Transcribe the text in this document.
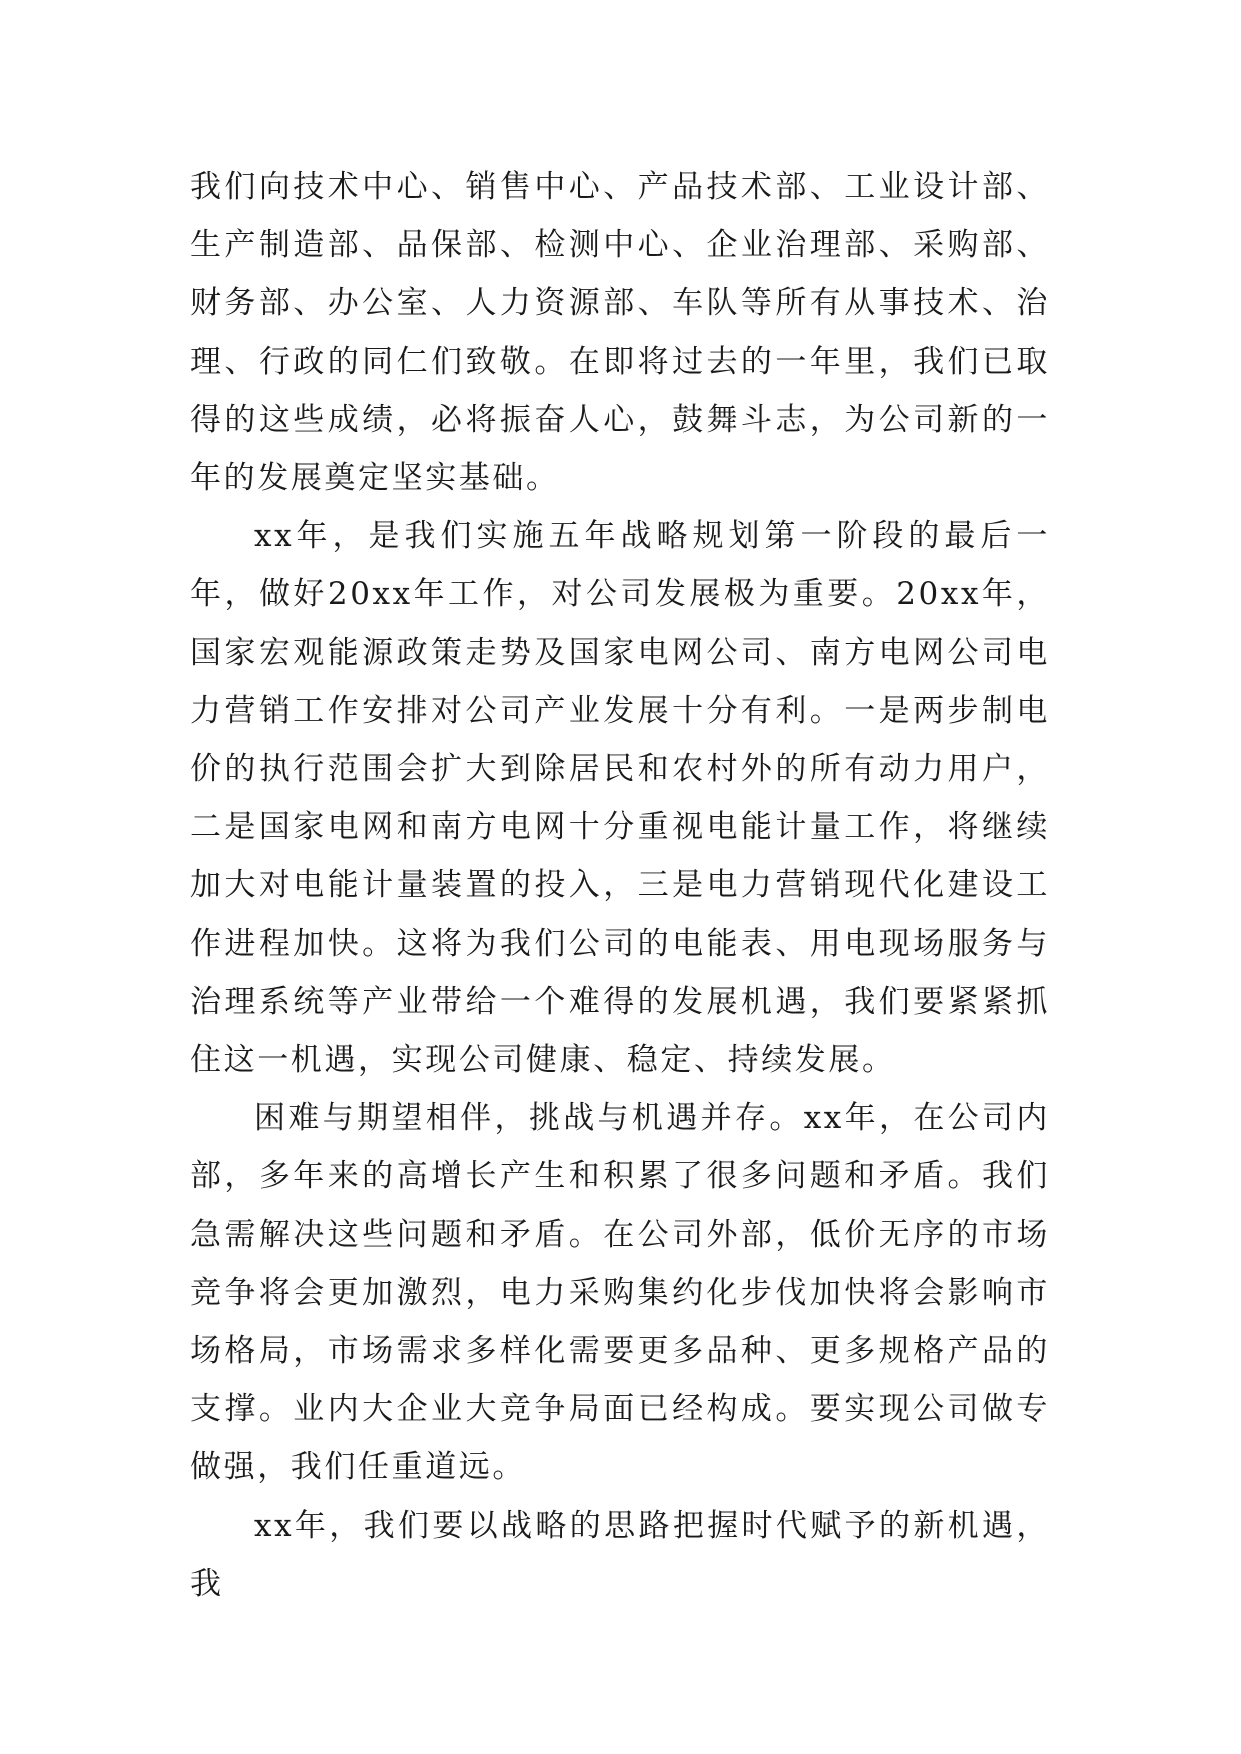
我们向技术中心、销售中心、产品技术部、工业设计部、生产制造部、品保部、检测中心、企业治理部、采购部、财务部、办公室、人力资源部、车队等所有从事技术、治理、行政的同仁们致敬。在即将过去的一年里，我们已取得的这些成绩，必将振奋人心，鼓舞斗志，为公司新的一年的发展奠定坚实基础。

xx年，是我们实施五年战略规划第一阶段的最后一年，做好20xx年工作，对公司发展极为重要。20xx年，国家宏观能源政策走势及国家电网公司、南方电网公司电力营销工作安排对公司产业发展十分有利。一是两步制电价的执行范围会扩大到除居民和农村外的所有动力用户，二是国家电网和南方电网十分重视电能计量工作，将继续加大对电能计量装置的投入，三是电力营销现代化建设工作进程加快。这将为我们公司的电能表、用电现场服务与治理系统等产业带给一个难得的发展机遇，我们要紧紧抓住这一机遇，实现公司健康、稳定、持续发展。

困难与期望相伴，挑战与机遇并存。xx年，在公司内部，多年来的高增长产生和积累了很多问题和矛盾。我们急需解决这些问题和矛盾。在公司外部，低价无序的市场竞争将会更加激烈，电力采购集约化步伐加快将会影响市场格局，市场需求多样化需要更多品种、更多规格产品的支撑。业内大企业大竞争局面已经构成。要实现公司做专做强，我们任重道远。

xx年，我们要以战略的思路把握时代赋予的新机遇，我
